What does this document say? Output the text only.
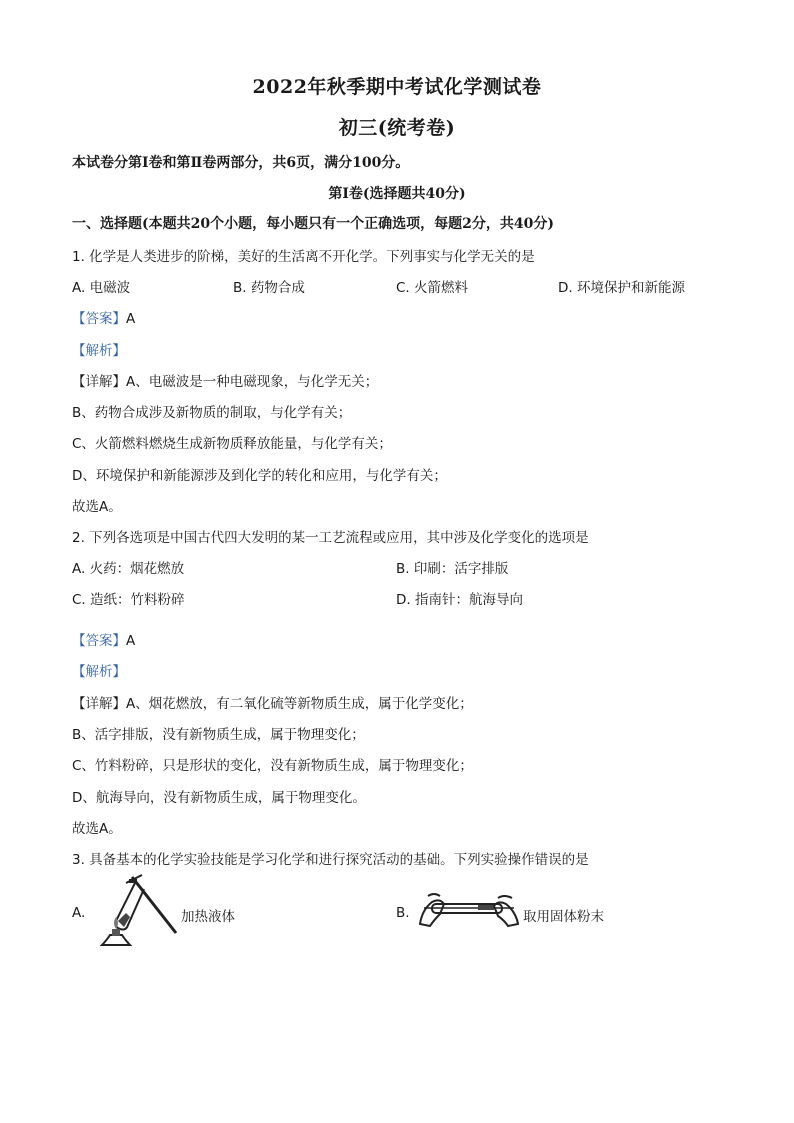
2022年秋季期中考试化学测试卷
初三(统考卷)
本试卷分第Ⅰ卷和第Ⅱ卷两部分，共6页，满分100分。
第Ⅰ卷(选择题共40分)
一、选择题(本题共20个小题，每小题只有一个正确选项，每题2分，共40分)
1. 化学是人类进步的阶梯，美好的生活离不开化学。下列事实与化学无关的是
A. 电磁波	B. 药物合成	C. 火箭燃料	D. 环境保护和新能源
【答案】A
【解析】
【详解】A、电磁波是一种电磁现象，与化学无关；
B、药物合成涉及新物质的制取，与化学有关；
C、火箭燃料燃烧生成新物质释放能量，与化学有关；
D、环境保护和新能源涉及到化学的转化和应用，与化学有关；
故选A。
2. 下列各选项是中国古代四大发明的某一工艺流程或应用，其中涉及化学变化的选项是
A. 火药：烟花燃放	B. 印刷：活字排版
C. 造纸：竹料粉碎	D. 指南针：航海导向
【答案】A
【解析】
【详解】A、烟花燃放，有二氧化硫等新物质生成，属于化学变化；
B、活字排版，没有新物质生成，属于物理变化；
C、竹料粉碎，只是形状的变化，没有新物质生成，属于物理变化；
D、航海导向，没有新物质生成，属于物理变化。
故选A。
3. 具备基本的化学实验技能是学习化学和进行探究活动的基础。下列实验操作错误的是
A.	加热液体	B.	取用固体粉末
